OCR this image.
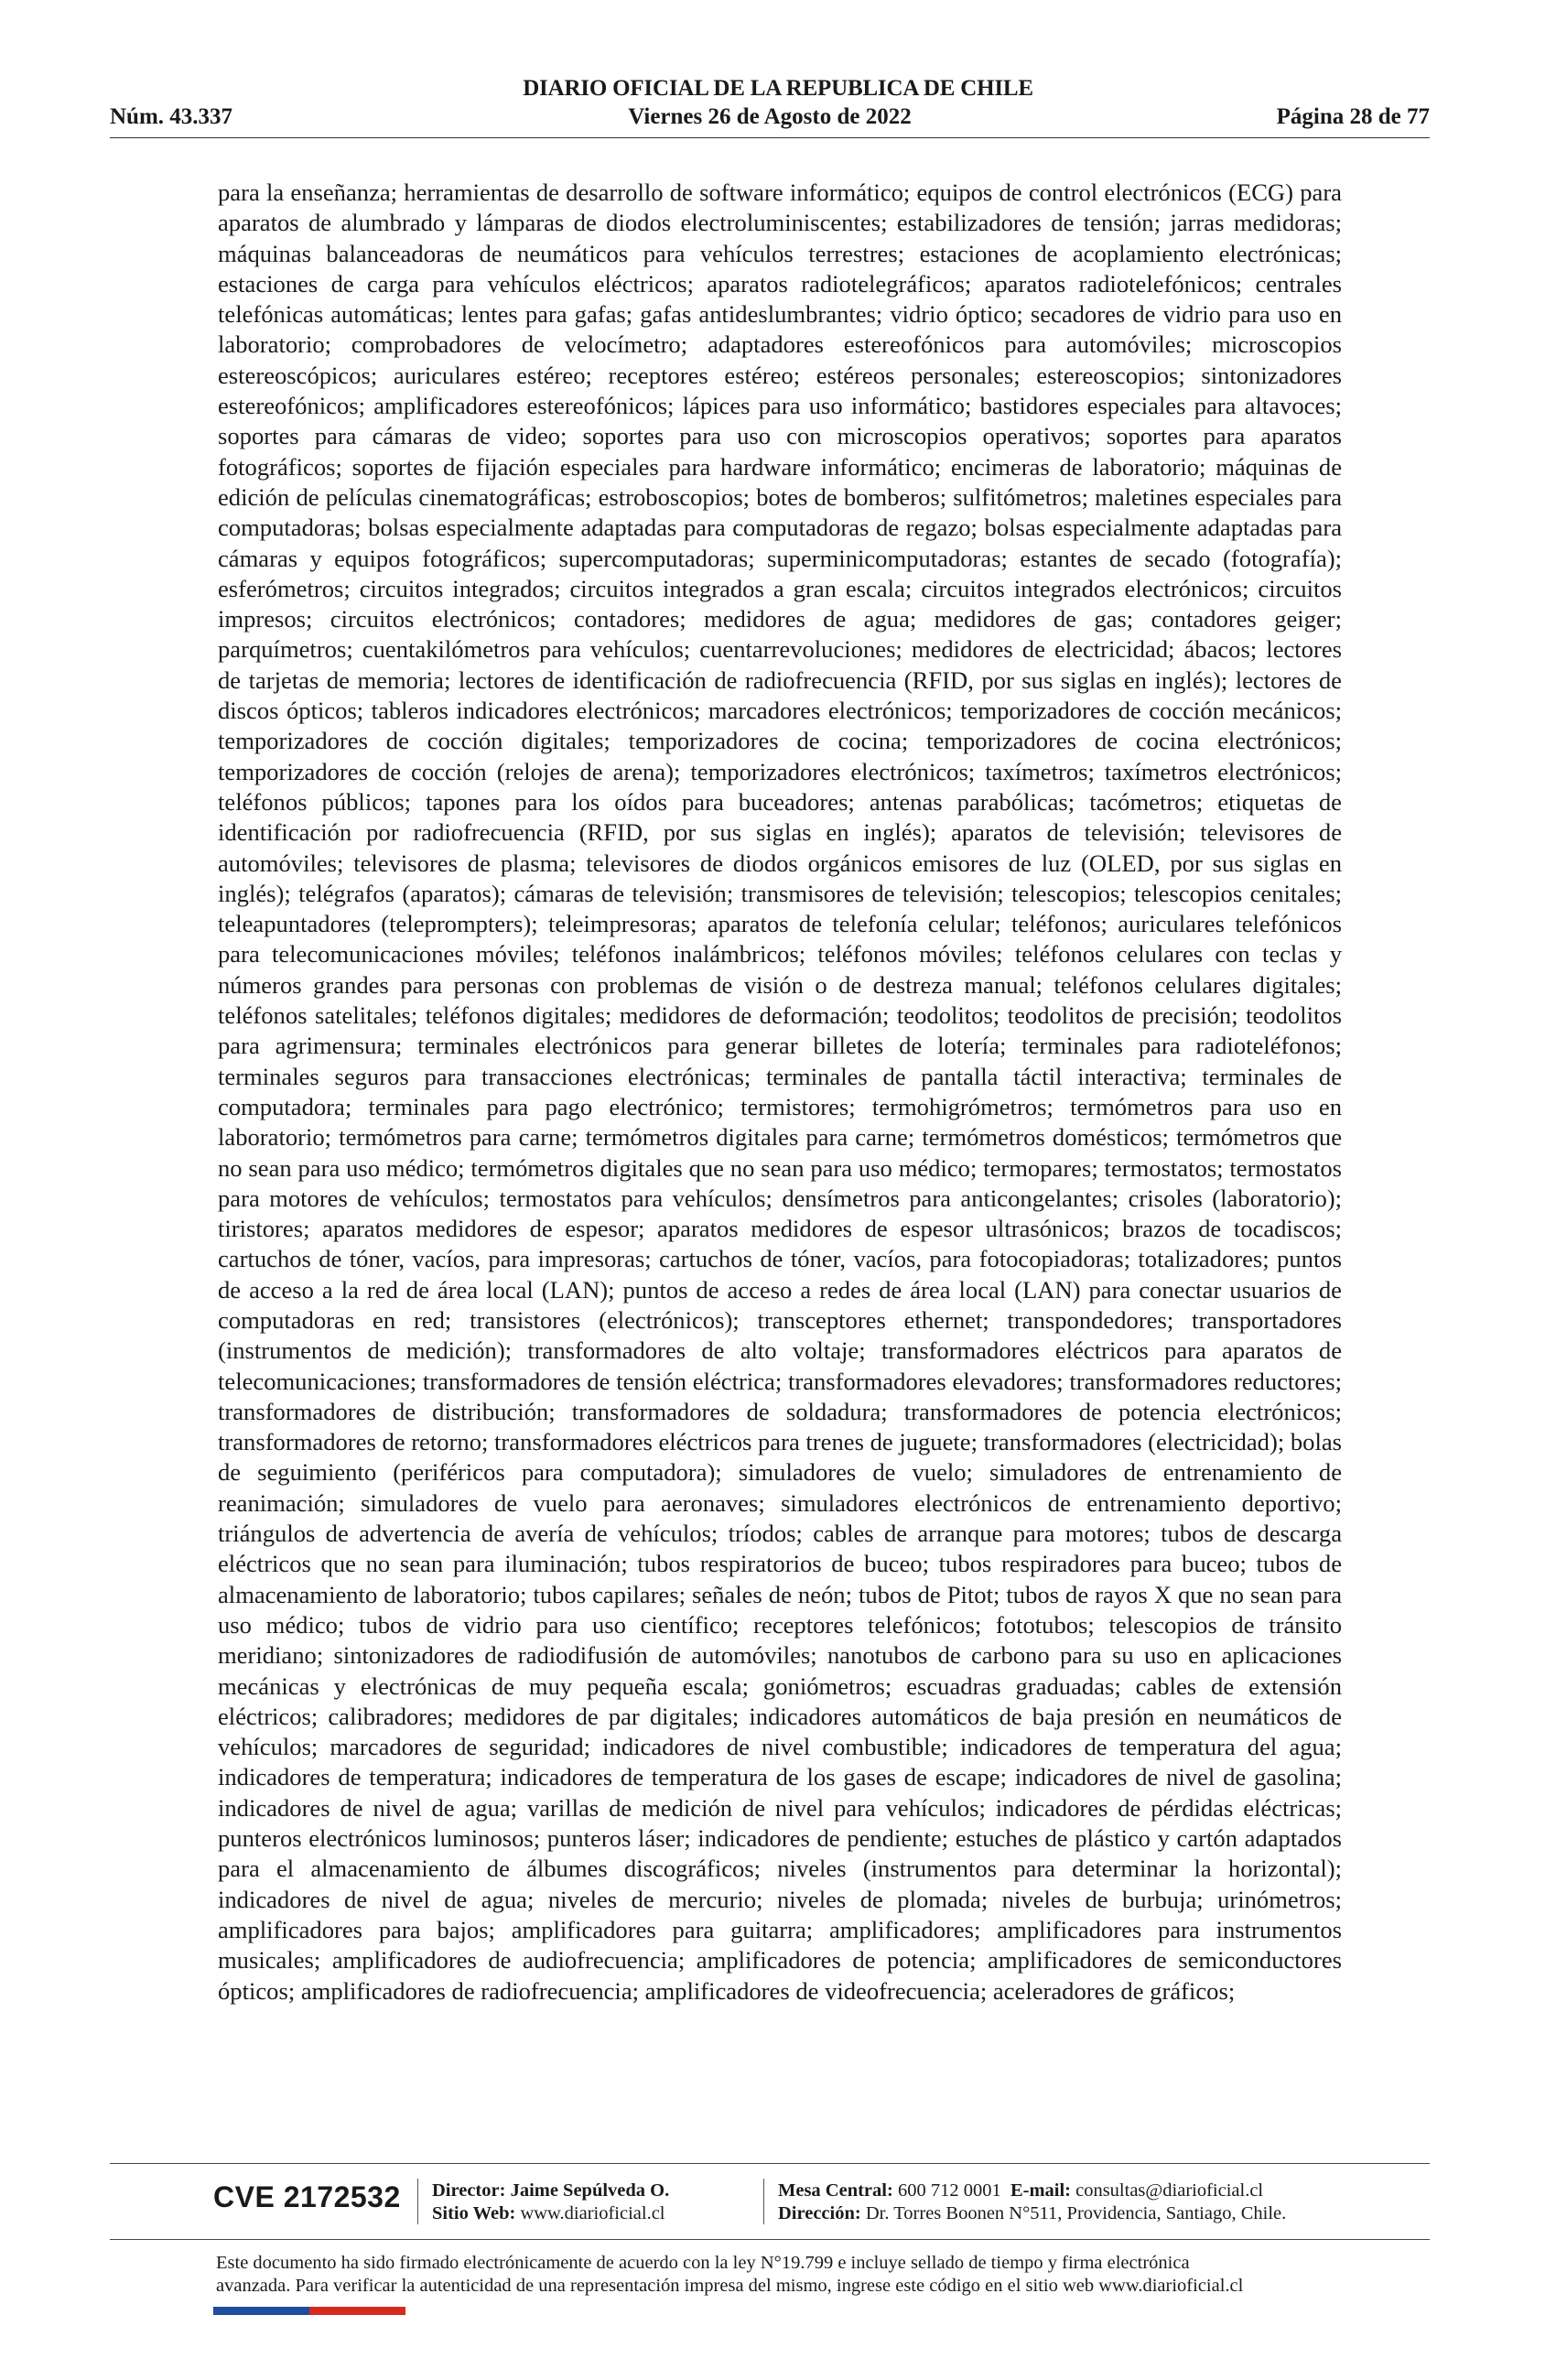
DIARIO OFICIAL DE LA REPUBLICA DE CHILE
Núm. 43.337	Viernes 26 de Agosto de 2022	Página 28 de 77
para la enseñanza; herramientas de desarrollo de software informático; equipos de control electrónicos (ECG) para aparatos de alumbrado y lámparas de diodos electroluminiscentes; estabilizadores de tensión; jarras medidoras; máquinas balanceadoras de neumáticos para vehículos terrestres; estaciones de acoplamiento electrónicas; estaciones de carga para vehículos eléctricos; aparatos radiotelegráficos; aparatos radiotelefónicos; centrales telefónicas automáticas; lentes para gafas; gafas antideslumbrantes; vidrio óptico; secadores de vidrio para uso en laboratorio; comprobadores de velocímetro; adaptadores estereofónicos para automóviles; microscopios estereoscópicos; auriculares estéreo; receptores estéreo; estéreos personales; estereoscopios; sintonizadores estereofónicos; amplificadores estereofónicos; lápices para uso informático; bastidores especiales para altavoces; soportes para cámaras de video; soportes para uso con microscopios operativos; soportes para aparatos fotográficos; soportes de fijación especiales para hardware informático; encimeras de laboratorio; máquinas de edición de películas cinematográficas; estroboscopios; botes de bomberos; sulfitómetros; maletines especiales para computadoras; bolsas especialmente adaptadas para computadoras de regazo; bolsas especialmente adaptadas para cámaras y equipos fotográficos; supercomputadoras; superminicomputadoras; estantes de secado (fotografía); esferómetros; circuitos integrados; circuitos integrados a gran escala; circuitos integrados electrónicos; circuitos impresos; circuitos electrónicos; contadores; medidores de agua; medidores de gas; contadores geiger; parquímetros; cuentakilómetros para vehículos; cuentarrevoluciones; medidores de electricidad; ábacos; lectores de tarjetas de memoria; lectores de identificación de radiofrecuencia (RFID, por sus siglas en inglés); lectores de discos ópticos; tableros indicadores electrónicos; marcadores electrónicos; temporizadores de cocción mecánicos; temporizadores de cocción digitales; temporizadores de cocina; temporizadores de cocina electrónicos; temporizadores de cocción (relojes de arena); temporizadores electrónicos; taxímetros; taxímetros electrónicos; teléfonos públicos; tapones para los oídos para buceadores; antenas parabólicas; tacómetros; etiquetas de identificación por radiofrecuencia (RFID, por sus siglas en inglés); aparatos de televisión; televisores de automóviles; televisores de plasma; televisores de diodos orgánicos emisores de luz (OLED, por sus siglas en inglés); telégrafos (aparatos); cámaras de televisión; transmisores de televisión; telescopios; telescopios cenitales; teleapuntadores (teleprompters); teleimpresoras; aparatos de telefonía celular; teléfonos; auriculares telefónicos para telecomunicaciones móviles; teléfonos inalámbricos; teléfonos móviles; teléfonos celulares con teclas y números grandes para personas con problemas de visión o de destreza manual; teléfonos celulares digitales; teléfonos satelitales; teléfonos digitales; medidores de deformación; teodolitos; teodolitos de precisión; teodolitos para agrimensura; terminales electrónicos para generar billetes de lotería; terminales para radioteléfonos; terminales seguros para transacciones electrónicas; terminales de pantalla táctil interactiva; terminales de computadora; terminales para pago electrónico; termistores; termohigrómetros; termómetros para uso en laboratorio; termómetros para carne; termómetros digitales para carne; termómetros domésticos; termómetros que no sean para uso médico; termómetros digitales que no sean para uso médico; termopares; termostatos; termostatos para motores de vehículos; termostatos para vehículos; densímetros para anticongelantes; crisoles (laboratorio); tiristores; aparatos medidores de espesor; aparatos medidores de espesor ultrasónicos; brazos de tocadiscos; cartuchos de tóner, vacíos, para impresoras; cartuchos de tóner, vacíos, para fotocopiadoras; totalizadores; puntos de acceso a la red de área local (LAN); puntos de acceso a redes de área local (LAN) para conectar usuarios de computadoras en red; transistores (electrónicos); transceptores ethernet; transpondedores; transportadores (instrumentos de medición); transformadores de alto voltaje; transformadores eléctricos para aparatos de telecomunicaciones; transformadores de tensión eléctrica; transformadores elevadores; transformadores reductores; transformadores de distribución; transformadores de soldadura; transformadores de potencia electrónicos; transformadores de retorno; transformadores eléctricos para trenes de juguete; transformadores (electricidad); bolas de seguimiento (periféricos para computadora); simuladores de vuelo; simuladores de entrenamiento de reanimación; simuladores de vuelo para aeronaves; simuladores electrónicos de entrenamiento deportivo; triángulos de advertencia de avería de vehículos; tríodos; cables de arranque para motores; tubos de descarga eléctricos que no sean para iluminación; tubos respiratorios de buceo; tubos respiradores para buceo; tubos de almacenamiento de laboratorio; tubos capilares; señales de neón; tubos de Pitot; tubos de rayos X que no sean para uso médico; tubos de vidrio para uso científico; receptores telefónicos; fototubos; telescopios de tránsito meridiano; sintonizadores de radiodifusión de automóviles; nanotubos de carbono para su uso en aplicaciones mecánicas y electrónicas de muy pequeña escala; goniómetros; escuadras graduadas; cables de extensión eléctricos; calibradores; medidores de par digitales; indicadores automáticos de baja presión en neumáticos de vehículos; marcadores de seguridad; indicadores de nivel combustible; indicadores de temperatura del agua; indicadores de temperatura; indicadores de temperatura de los gases de escape; indicadores de nivel de gasolina; indicadores de nivel de agua; varillas de medición de nivel para vehículos; indicadores de pérdidas eléctricas; punteros electrónicos luminosos; punteros láser; indicadores de pendiente; estuches de plástico y cartón adaptados para el almacenamiento de álbumes discográficos; niveles (instrumentos para determinar la horizontal); indicadores de nivel de agua; niveles de mercurio; niveles de plomada; niveles de burbuja; urinómetros; amplificadores para bajos; amplificadores para guitarra; amplificadores; amplificadores para instrumentos musicales; amplificadores de audiofrecuencia; amplificadores de potencia; amplificadores de semiconductores ópticos; amplificadores de radiofrecuencia; amplificadores de videofrecuencia; aceleradores de gráficos;
CVE 2172532 Director: Jaime Sepúlveda O.
Sitio Web: www.diarioficial.cl
Mesa Central: 600 712 0001 E-mail: consultas@diarioficial.cl
Dirección: Dr. Torres Boonen N°511, Providencia, Santiago, Chile.
Este documento ha sido firmado electrónicamente de acuerdo con la ley N°19.799 e incluye sellado de tiempo y firma electrónica
avanzada. Para verificar la autenticidad de una representación impresa del mismo, ingrese este código en el sitio web www.diarioficial.cl
